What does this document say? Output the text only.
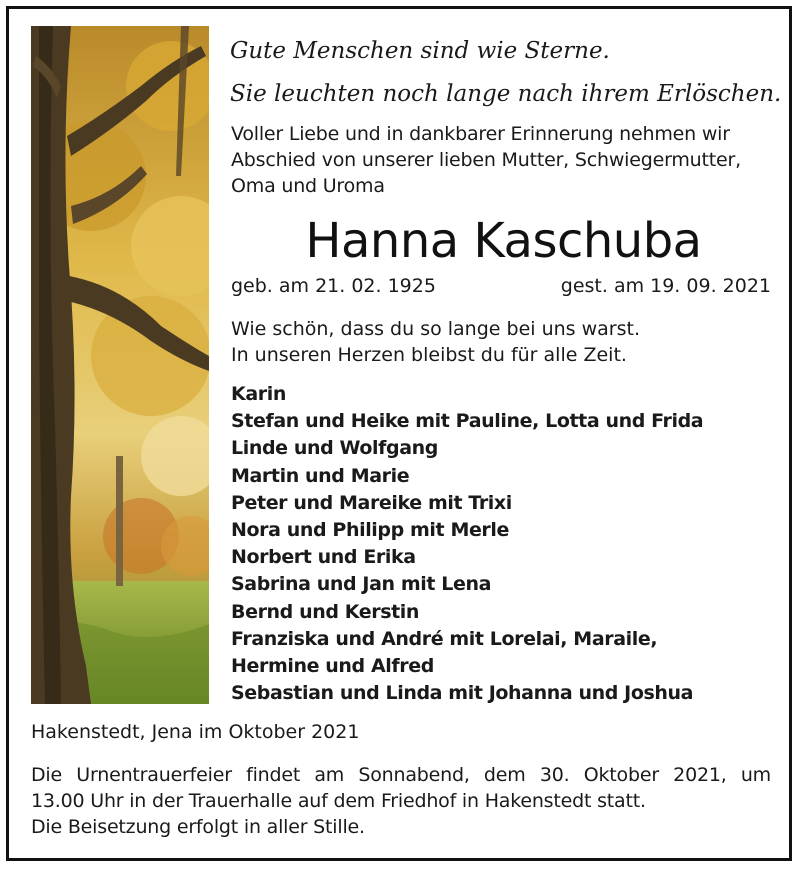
Gute Menschen sind wie Sterne.
Sie leuchten noch lange nach ihrem Erlöschen.
Voller Liebe und in dankbarer Erinnerung nehmen wir Abschied von unserer lieben Mutter, Schwiegermutter, Oma und Uroma
Hanna Kaschuba
geb. am 21. 02. 1925	gest. am 19. 09. 2021
Wie schön, dass du so lange bei uns warst.
In unseren Herzen bleibst du für alle Zeit.
Karin
Stefan und Heike mit Pauline, Lotta und Frida
Linde und Wolfgang
Martin und Marie
Peter und Mareike mit Trixi
Nora und Philipp mit Merle
Norbert und Erika
Sabrina und Jan mit Lena
Bernd und Kerstin
Franziska und André mit Lorelai, Maraile,
Hermine und Alfred
Sebastian und Linda mit Johanna und Joshua
Hakenstedt, Jena im Oktober 2021
Die Urnentrauerfeier findet am Sonnabend, dem 30. Oktober 2021, um
13.00 Uhr in der Trauerhalle auf dem Friedhof in Hakenstedt statt.
Die Beisetzung erfolgt in aller Stille.
